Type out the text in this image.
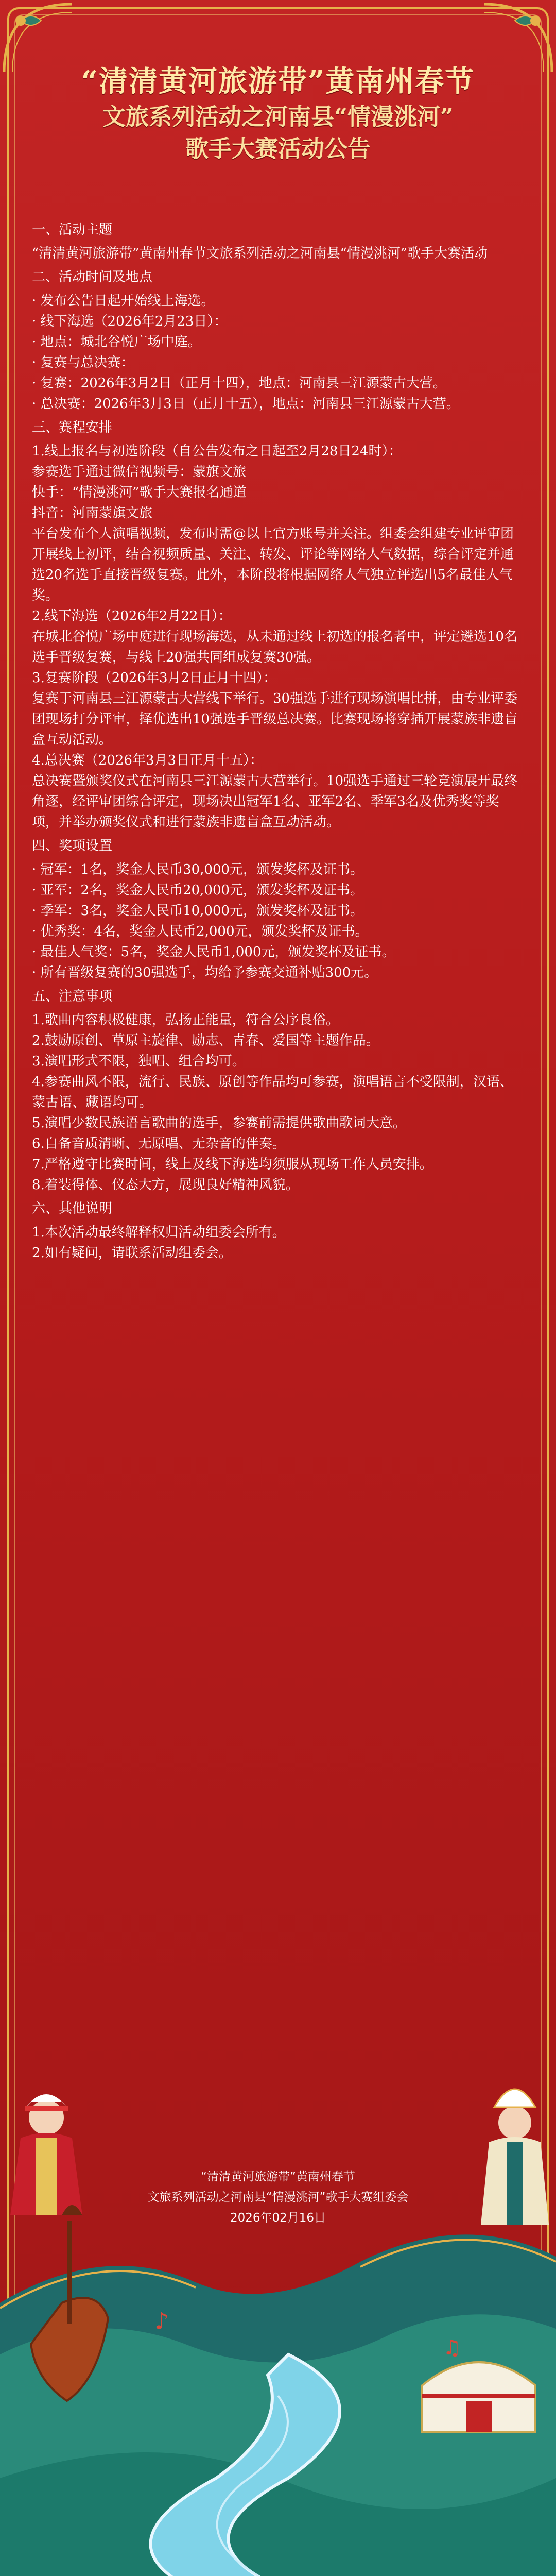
“清清黄河旅游带”黄南州春节
文旅系列活动之河南县“情漫洮河”
歌手大赛活动公告

一、活动主题

“清清黄河旅游带”黄南州春节文旅系列活动之河南县“情漫洮河”歌手大赛活动

二、活动时间及地点

· 发布公告日起开始线上海选。

· 线下海选（2026年2月23日）：

· 地点：城北谷悦广场中庭。

· 复赛与总决赛：

· 复赛：2026年3月2日（正月十四），地点：河南县三江源蒙古大营。

· 总决赛：2026年3月3日（正月十五），地点：河南县三江源蒙古大营。

三、赛程安排

1.线上报名与初选阶段（自公告发布之日起至2月28日24时）：

参赛选手通过微信视频号：蒙旗文旅

快手：“情漫洮河”歌手大赛报名通道

抖音：河南蒙旗文旅

平台发布个人演唱视频，发布时需@以上官方账号并关注。组委会组建专业评审团开展线上初评，结合视频质量、关注、转发、评论等网络人气数据，综合评定并通选20名选手直接晋级复赛。此外，本阶段将根据网络人气独立评选出5名最佳人气奖。

2.线下海选（2026年2月22日）：

在城北谷悦广场中庭进行现场海选，从未通过线上初选的报名者中，评定遴选10名选手晋级复赛，与线上20强共同组成复赛30强。

3.复赛阶段（2026年3月2日正月十四）：

复赛于河南县三江源蒙古大营线下举行。30强选手进行现场演唱比拼，由专业评委团现场打分评审，择优选出10强选手晋级总决赛。比赛现场将穿插开展蒙族非遗盲盒互动活动。

4.总决赛（2026年3月3日正月十五）：

总决赛暨颁奖仪式在河南县三江源蒙古大营举行。10强选手通过三轮竞演展开最终角逐，经评审团综合评定，现场决出冠军1名、亚军2名、季军3名及优秀奖等奖项，并举办颁奖仪式和进行蒙族非遗盲盒互动活动。

四、奖项设置

· 冠军：1名，奖金人民币30,000元，颁发奖杯及证书。

· 亚军：2名，奖金人民币20,000元，颁发奖杯及证书。

· 季军：3名，奖金人民币10,000元，颁发奖杯及证书。

· 优秀奖：4名，奖金人民币2,000元，颁发奖杯及证书。

· 最佳人气奖：5名，奖金人民币1,000元，颁发奖杯及证书。

· 所有晋级复赛的30强选手，均给予参赛交通补贴300元。

五、注意事项

1.歌曲内容积极健康，弘扬正能量，符合公序良俗。

2.鼓励原创、草原主旋律、励志、青春、爱国等主题作品。

3.演唱形式不限，独唱、组合均可。

4.参赛曲风不限，流行、民族、原创等作品均可参赛，演唱语言不受限制，汉语、蒙古语、藏语均可。

5.演唱少数民族语言歌曲的选手，参赛前需提供歌曲歌词大意。

6.自备音质清晰、无原唱、无杂音的伴奏。

7.严格遵守比赛时间，线上及线下海选均须服从现场工作人员安排。

8.着装得体、仪态大方，展现良好精神风貌。

六、其他说明

1.本次活动最终解释权归活动组委会所有。

2.如有疑问，请联系活动组委会。

♪
♫
“清清黄河旅游带”黄南州春节
文旅系列活动之河南县“情漫洮河”歌手大赛组委会
2026年02月16日
